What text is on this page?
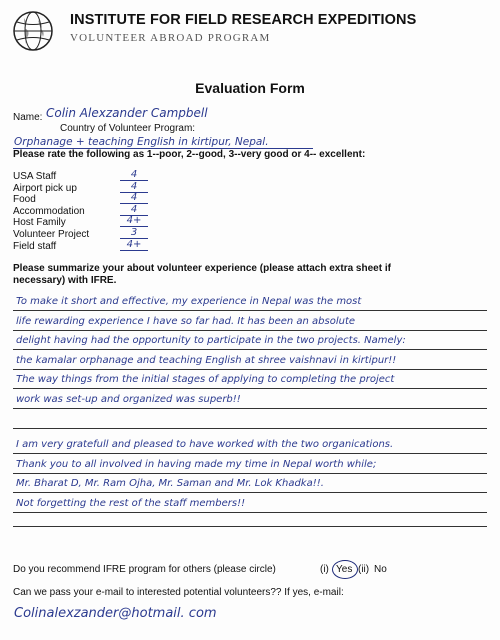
INSTITUTE FOR FIELD RESEARCH EXPEDITIONS
VOLUNTEER ABROAD PROGRAM
Evaluation Form
Name: Colin Alexzander Campbell
Country of Volunteer Program:
Orphanage + teaching English in kirtipur, Nepal.
Please rate the following as 1--poor, 2--good, 3--very good or 4-- excellent:
USA Staff	4
Airport pick up	4
Food	4
Accommodation	4
Host Family	4+
Volunteer Project	3
Field staff	4+
Please summarize your about volunteer experience (please attach extra sheet if
necessary) with IFRE.
To make it short and effective, my experience in Nepal was the most
life rewarding experience I have so far had. It has been an absolute
delight having had the opportunity to participate in the two projects. Namely:
the kamalar orphanage and teaching English at shree vaishnavi in kirtipur!!
The way things from the initial stages of applying to completing the project
work was set-up and organized was superb!!
I am very gratefull and pleased to have worked with the two organications.
Thank you to all involved in having made my time in Nepal worth while;
Mr. Bharat D, Mr. Ram Ojha, Mr. Saman and Mr. Lok Khadka!!.
Not forgetting the rest of the staff members!!
Do you recommend IFRE program for others (please circle)	(i) Yes (ii) No
Can we pass your e-mail to interested potential volunteers?? If yes, e-mail:
Colinalexzander@hotmail. com
